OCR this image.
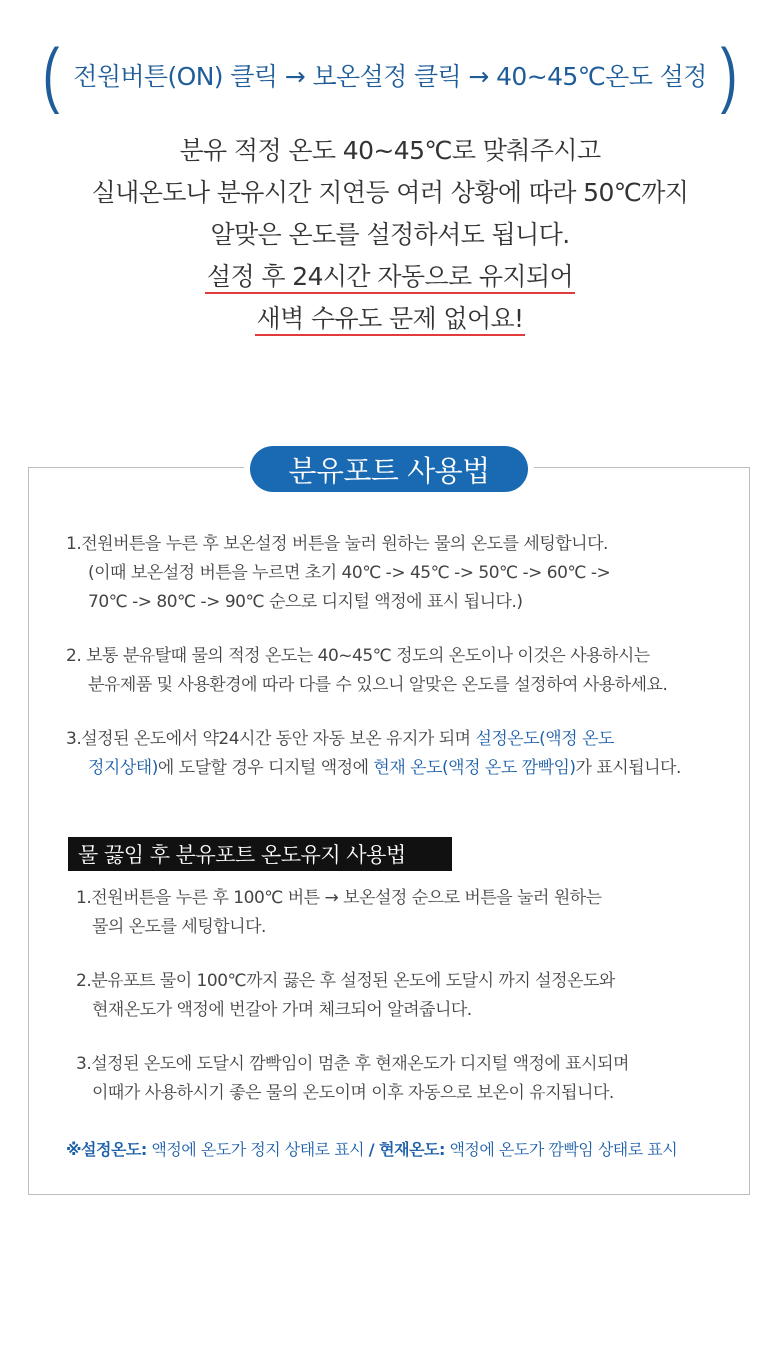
( 전원버튼(ON) 클릭 → 보온설정 클릭 → 40~45℃온도 설정 )
분유 적정 온도 40~45℃로 맞춰주시고
실내온도나 분유시간 지연등 여러 상황에 따라 50℃까지
알맞은 온도를 설정하셔도 됩니다.
설정 후 24시간 자동으로 유지되어
새벽 수유도 문제 없어요!
분유포트 사용법
1.전원버튼을 누른 후 보온설정 버튼을 눌러 원하는 물의 온도를 세팅합니다.
(이때 보온설정 버튼을 누르면 초기 40℃ -> 45℃ -> 50℃ -> 60℃ ->
70℃ -> 80℃ -> 90℃ 순으로 디지털 액정에 표시 됩니다.)
2. 보통 분유탈때 물의 적정 온도는 40~45℃ 정도의 온도이나 이것은 사용하시는
분유제품 및 사용환경에 따라 다를 수 있으니 알맞은 온도를 설정하여 사용하세요.
3.설정된 온도에서 약24시간 동안 자동 보온 유지가 되며 설정온도(액정 온도
정지상태)에 도달할 경우 디지털 액정에 현재 온도(액정 온도 깜빡임)가 표시됩니다.
물 끓임 후 분유포트 온도유지 사용법
1.전원버튼을 누른 후 100℃ 버튼 → 보온설정 순으로 버튼을 눌러 원하는
물의 온도를 세팅합니다.
2.분유포트 물이 100℃까지 끓은 후 설정된 온도에 도달시 까지 설정온도와
현재온도가 액정에 번갈아 가며 체크되어 알려줍니다.
3.설정된 온도에 도달시 깜빡임이 멈춘 후 현재온도가 디지털 액정에 표시되며
이때가 사용하시기 좋은 물의 온도이며 이후 자동으로 보온이 유지됩니다.
※설정온도: 액정에 온도가 정지 상태로 표시 / 현재온도: 액정에 온도가 깜빡임 상태로 표시
